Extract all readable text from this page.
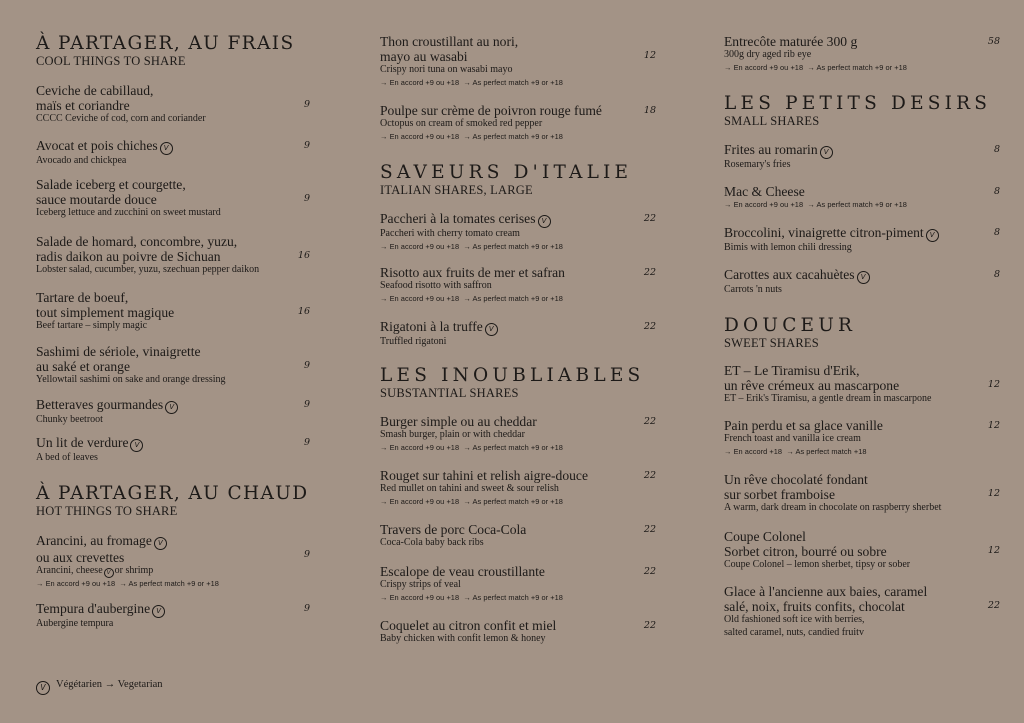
À PARTAGER, AU FRAIS
COOL THINGS TO SHARE
9
Ceviche de cabillaud,
maïs et coriandre
CCCC Ceviche of cod, corn and coriander
9
Avocat et pois chiches V
Avocado and chickpea
9
Salade iceberg et courgette,
sauce moutarde douce
Iceberg lettuce and zucchini on sweet mustard
16
Salade de homard, concombre, yuzu,
radis daikon au poivre de Sichuan
Lobster salad, cucumber, yuzu, szechuan pepper daikon
16
Tartare de boeuf,
tout simplement magique
Beef tartare – simply magic
9
Sashimi de sériole, vinaigrette
au saké et orange
Yellowtail sashimi on sake and orange dressing
9
Betteraves gourmandes V
Chunky beetroot
9
Un lit de verdure V
A bed of leaves
À PARTAGER, AU CHAUD
HOT THINGS TO SHARE
9
Arancini, au fromage V
ou aux crevettes
Arancini, cheese V or shrimp
→ En accord +9 ou +18 → As perfect match +9 or +18
9
Tempura d'aubergine V
Aubergine tempura
12
Thon croustillant au nori,
mayo au wasabi
Crispy nori tuna on wasabi mayo
→ En accord +9 ou +18 → As perfect match +9 or +18
18
Poulpe sur crème de poivron rouge fumé
Octopus on cream of smoked red pepper
→ En accord +9 ou +18 → As perfect match +9 or +18
SAVEURS D'ITALIE
ITALIAN SHARES, LARGE
22
Paccheri à la tomates cerises V
Paccheri with cherry tomato cream
→ En accord +9 ou +18 → As perfect match +9 or +18
22
Risotto aux fruits de mer et safran
Seafood risotto with saffron
→ En accord +9 ou +18 → As perfect match +9 or +18
22
Rigatoni à la truffe V
Truffled rigatoni
LES INOUBLIABLES
SUBSTANTIAL SHARES
22
Burger simple ou au cheddar
Smash burger, plain or with cheddar
→ En accord +9 ou +18 → As perfect match +9 or +18
22
Rouget sur tahini et relish aigre-douce
Red mullet on tahini and sweet & sour relish
→ En accord +9 ou +18 → As perfect match +9 or +18
22
Travers de porc Coca-Cola
Coca-Cola baby back ribs
22
Escalope de veau croustillante
Crispy strips of veal
→ En accord +9 ou +18 → As perfect match +9 or +18
22
Coquelet au citron confit et miel
Baby chicken with confit lemon & honey
58
Entrecôte maturée 300 g
300g dry aged rib eye
→ En accord +9 ou +18 → As perfect match +9 or +18
LES PETITS DESIRS
SMALL SHARES
8
Frites au romarin V
Rosemary's fries
8
Mac & Cheese
→ En accord +9 ou +18 → As perfect match +9 or +18
8
Broccolini, vinaigrette citron-piment V
Bimis with lemon chili dressing
8
Carottes aux cacahuètes V
Carrots 'n nuts
DOUCEUR
SWEET SHARES
12
ET – Le Tiramisu d'Erik,
un rêve crémeux au mascarpone
ET – Erik's Tiramisu, a gentle dream in mascarpone
12
Pain perdu et sa glace vanille
French toast and vanilla ice cream
→ En accord +18 → As perfect match +18
12
Un rêve chocolaté fondant
sur sorbet framboise
A warm, dark dream in chocolate on raspberry sherbet
12
Coupe Colonel
Sorbet citron, bourré ou sobre
Coupe Colonel – lemon sherbet, tipsy or sober
22
Glace à l'ancienne aux baies, caramel
salé, noix, fruits confits, chocolat
Old fashioned soft ice with berries,
salted caramel, nuts, candied fruitv
V Végétarien → Vegetarian
